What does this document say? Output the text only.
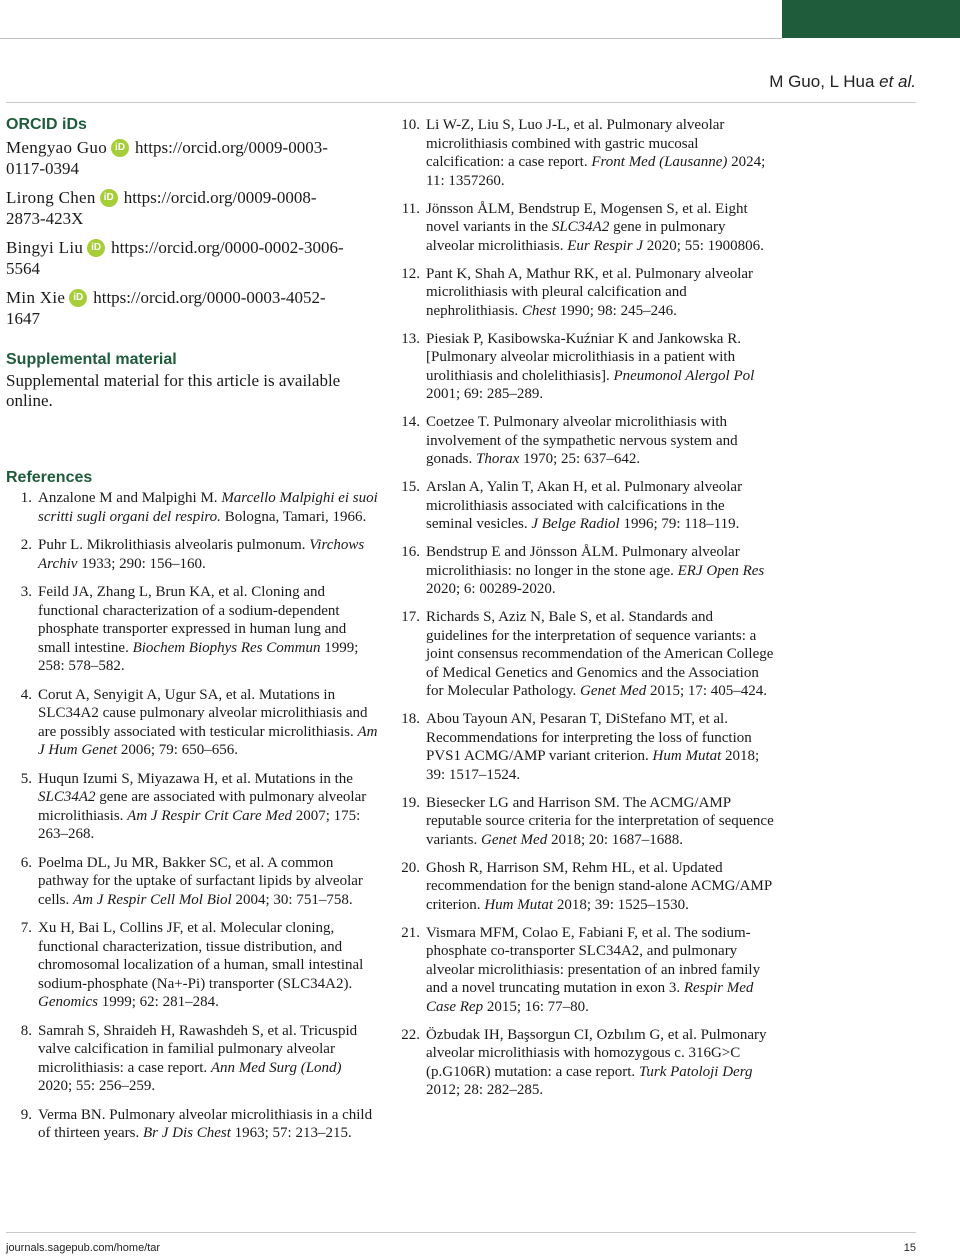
M Guo, L Hua et al.
ORCID iDs
Mengyao Guo iD https://orcid.org/0009-0003-
0117-0394
Lirong Chen iD https://orcid.org/0009-0008-
2873-423X
Bingyi Liu iD https://orcid.org/0000-0002-3006-
5564
Min Xie iD https://orcid.org/0000-0003-4052-
1647
Supplemental material

Supplemental material for this article is available online.

References
1. Anzalone M and Malpighi M. Marcello Malpighi ei suoi scritti sugli organi del respiro. Bologna, Tamari, 1966.
2. Puhr L. Mikrolithiasis alveolaris pulmonum. Virchows Archiv 1933; 290: 156–160.
3. Feild JA, Zhang L, Brun KA, et al. Cloning and functional characterization of a sodium-dependent phosphate transporter expressed in human lung and small intestine. Biochem Biophys Res Commun 1999; 258: 578–582.
4. Corut A, Senyigit A, Ugur SA, et al. Mutations in SLC34A2 cause pulmonary alveolar microlithiasis and are possibly associated with testicular microlithiasis. Am J Hum Genet 2006; 79: 650–656.
5. Huqun Izumi S, Miyazawa H, et al. Mutations in the SLC34A2 gene are associated with pulmonary alveolar microlithiasis. Am J Respir Crit Care Med 2007; 175: 263–268.
6. Poelma DL, Ju MR, Bakker SC, et al. A common pathway for the uptake of surfactant lipids by alveolar cells. Am J Respir Cell Mol Biol 2004; 30: 751–758.
7. Xu H, Bai L, Collins JF, et al. Molecular cloning, functional characterization, tissue distribution, and chromosomal localization of a human, small intestinal sodium-phosphate (Na+-Pi) transporter (SLC34A2). Genomics 1999; 62: 281–284.
8. Samrah S, Shraideh H, Rawashdeh S, et al. Tricuspid valve calcification in familial pulmonary alveolar microlithiasis: a case report. Ann Med Surg (Lond) 2020; 55: 256–259.
9. Verma BN. Pulmonary alveolar microlithiasis in a child of thirteen years. Br J Dis Chest 1963; 57: 213–215.
10. Li W-Z, Liu S, Luo J-L, et al. Pulmonary alveolar microlithiasis combined with gastric mucosal calcification: a case report. Front Med (Lausanne) 2024; 11: 1357260.
11. Jönsson ÅLM, Bendstrup E, Mogensen S, et al. Eight novel variants in the SLC34A2 gene in pulmonary alveolar microlithiasis. Eur Respir J 2020; 55: 1900806.
12. Pant K, Shah A, Mathur RK, et al. Pulmonary alveolar microlithiasis with pleural calcification and nephrolithiasis. Chest 1990; 98: 245–246.
13. Piesiak P, Kasibowska-Kuźniar K and Jankowska R. [Pulmonary alveolar microlithiasis in a patient with urolithiasis and cholelithiasis]. Pneumonol Alergol Pol 2001; 69: 285–289.
14. Coetzee T. Pulmonary alveolar microlithiasis with involvement of the sympathetic nervous system and gonads. Thorax 1970; 25: 637–642.
15. Arslan A, Yalin T, Akan H, et al. Pulmonary alveolar microlithiasis associated with calcifications in the seminal vesicles. J Belge Radiol 1996; 79: 118–119.
16. Bendstrup E and Jönsson ÅLM. Pulmonary alveolar microlithiasis: no longer in the stone age. ERJ Open Res 2020; 6: 00289-2020.
17. Richards S, Aziz N, Bale S, et al. Standards and guidelines for the interpretation of sequence variants: a joint consensus recommendation of the American College of Medical Genetics and Genomics and the Association for Molecular Pathology. Genet Med 2015; 17: 405–424.
18. Abou Tayoun AN, Pesaran T, DiStefano MT, et al. Recommendations for interpreting the loss of function PVS1 ACMG/AMP variant criterion. Hum Mutat 2018; 39: 1517–1524.
19. Biesecker LG and Harrison SM. The ACMG/AMP reputable source criteria for the interpretation of sequence variants. Genet Med 2018; 20: 1687–1688.
20. Ghosh R, Harrison SM, Rehm HL, et al. Updated recommendation for the benign stand-alone ACMG/AMP criterion. Hum Mutat 2018; 39: 1525–1530.
21. Vismara MFM, Colao E, Fabiani F, et al. The sodium-phosphate co-transporter SLC34A2, and pulmonary alveolar microlithiasis: presentation of an inbred family and a novel truncating mutation in exon 3. Respir Med Case Rep 2015; 16: 77–80.
22. Özbudak IH, Başsorgun CI, Ozbılım G, et al. Pulmonary alveolar microlithiasis with homozygous c. 316G>C (p.G106R) mutation: a case report. Turk Patoloji Derg 2012; 28: 282–285.
journals.sagepub.com/home/tar	15
